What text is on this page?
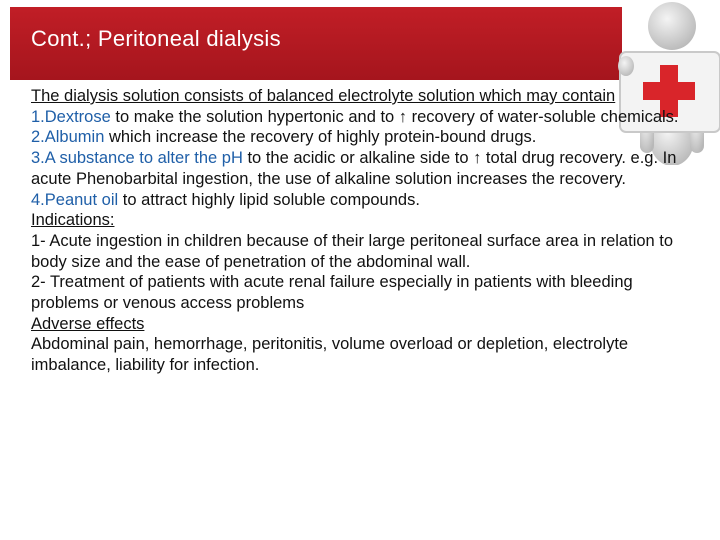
Cont.; Peritoneal dialysis

The dialysis solution consists of balanced electrolyte solution which may contain

1.Dextrose to make the solution hypertonic and to ↑ recovery of water-soluble chemicals.

2.Albumin which increase the recovery of highly protein-bound drugs.

3.A substance to alter the pH to the acidic or alkaline side to ↑ total drug recovery. e.g. In acute Phenobarbital ingestion, the use of alkaline solution increases the recovery.

4.Peanut oil to attract highly lipid soluble compounds.

Indications:

1- Acute ingestion in children because of their large peritoneal surface area in relation to body size and the ease of penetration of the abdominal wall.

2- Treatment of patients with acute renal failure especially in patients with bleeding problems or venous access problems

Adverse effects

Abdominal pain, hemorrhage, peritonitis, volume overload or depletion, electrolyte imbalance, liability for infection.
